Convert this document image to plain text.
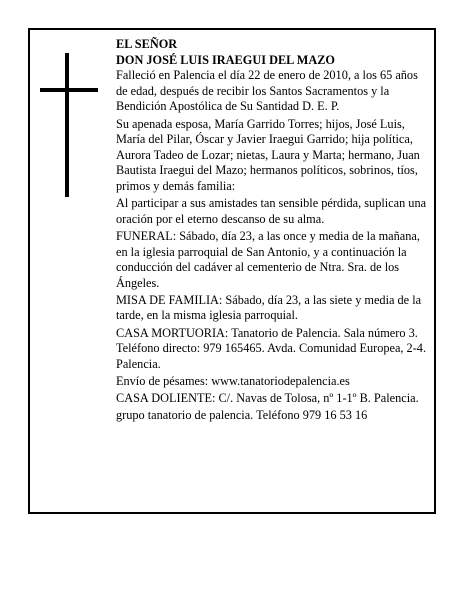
EL SEÑOR

DON JOSÉ LUIS IRAEGUI DEL MAZO

Falleció en Palencia el día 22 de enero de 2010, a los 65 años de edad, después de recibir los Santos Sacramentos y la Bendición Apostólica de Su Santidad D. E. P.

Su apenada esposa, María Garrido Torres; hijos, José Luis, María del Pilar, Óscar y Javier Iraegui Garrido; hija política, Aurora Tadeo de Lozar; nietas, Laura y Marta; hermano, Juan Bautista Iraegui del Mazo; hermanos políticos, sobrinos, tíos, primos y demás familia:

Al participar a sus amistades tan sensible pérdida, suplican una oración por el eterno descanso de su alma.

FUNERAL: Sábado, día 23, a las once y media de la mañana, en la iglesia parroquial de San Antonio, y a continuación la conducción del cadáver al cementerio de Ntra. Sra. de los Ángeles.

MISA DE FAMILIA: Sábado, día 23, a las siete y media de la tarde, en la misma iglesia parroquial.

CASA MORTUORIA: Tanatorio de Palencia. Sala número 3. Teléfono directo: 979 165465. Avda. Comunidad Europea, 2-4. Palencia.

Envío de pésames: www.tanatoriodepalencia.es

CASA DOLIENTE: C/. Navas de Tolosa, nº 1-1º B. Palencia.

grupo tanatorio de palencia. Teléfono 979 16 53 16
